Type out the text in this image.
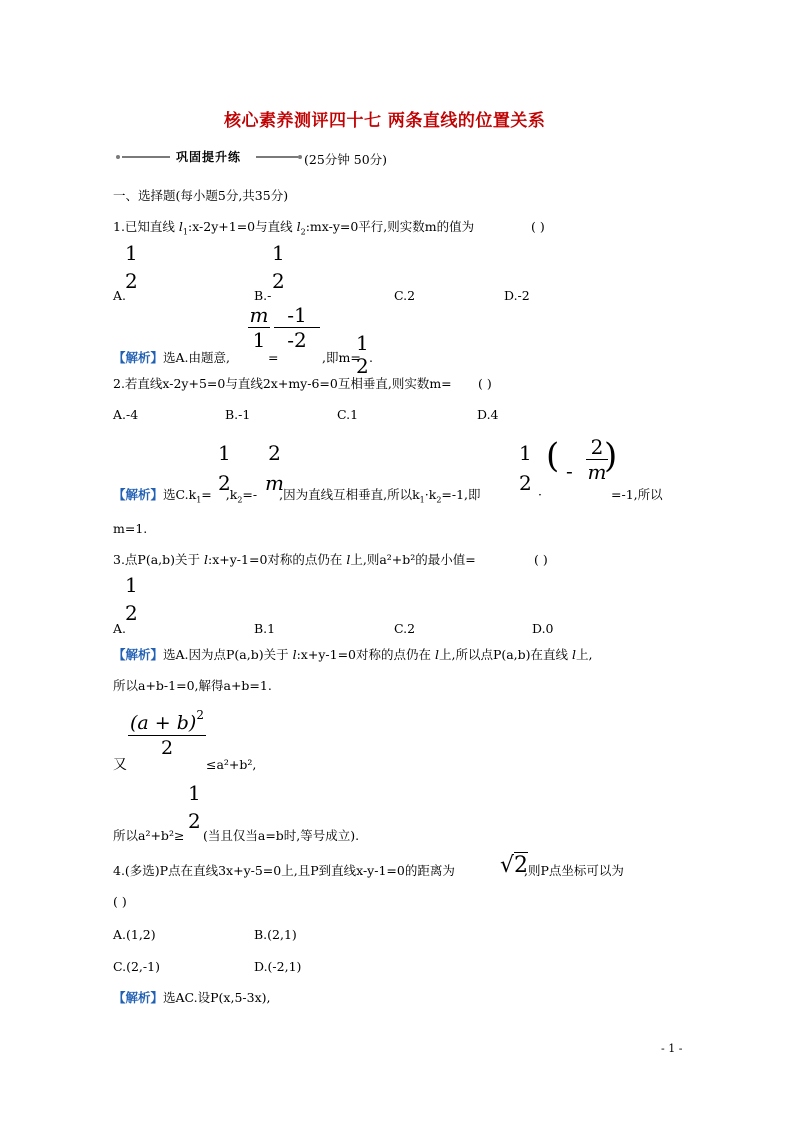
核心素养测评四十七 两条直线的位置关系
巩固提升练	(25分钟 50分)
一、选择题(每小题5分,共35分)
1.已知直线 $l_1:x-2y+1=0$与直线 $l_2:mx-y=0$平行,则实数m的值为	( )
1
2
A.
1
2
B.-	C.2	D.-2
【解析】选A.由题意,
m
1
=
-1
-2
,即m=
1
2 .
2.若直线x-2y+5=0与直线2x+my-6=0互相垂直,则实数m= ( )
A.-4	B.-1	C.1	D.4
1
2
2
m
1
2
( -
2
m
)
【解析】选$C.k_1= ,k_2=-$ ,因为直线互相垂直,所以$k_1\cdot k_2=-1$,即	·	=-1,所以
m=1.
3.点P(a,b)关于 l:x+y-1=0对称的点仍在 l上,则a²+b²的最小值=	( )
1
2
A.	B.1	C.2	D.0
【解析】选A.因为点P(a,b)关于 l:x+y-1=0对称的点仍在 l上,所以点P(a,b)在直线 l上,
所以a+b-1=0,解得a+b=1.
$(a + b)^2$
2
又	≤a²+b²,
1
2
所以a²+b²≥ (当且仅当a=b时,等号成立).
4.(多选)P点在直线3x+y-5=0上,且P到直线x-y-1=0的距离为 √2
,则P点坐标可以为
( )
A.(1,2)	B.(2,1)
C.(2,-1)	D.(-2,1)
【解析】选AC.设P(x,5-3x),
- 1 -
